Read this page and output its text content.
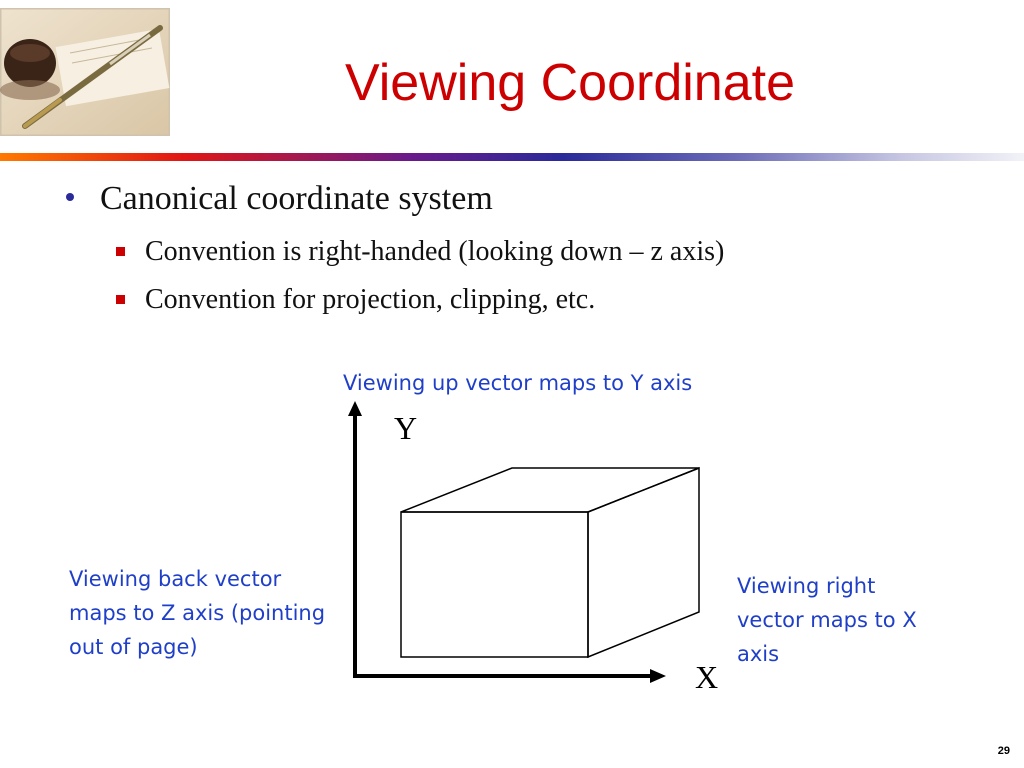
Viewing Coordinate
Canonical coordinate system
Convention is right-handed (looking down – z axis)
Convention for projection, clipping, etc.
Viewing up vector maps to Y axis
Viewing back vector maps to Z axis (pointing out of page)
Viewing right vector maps to X axis
Y
X
29
